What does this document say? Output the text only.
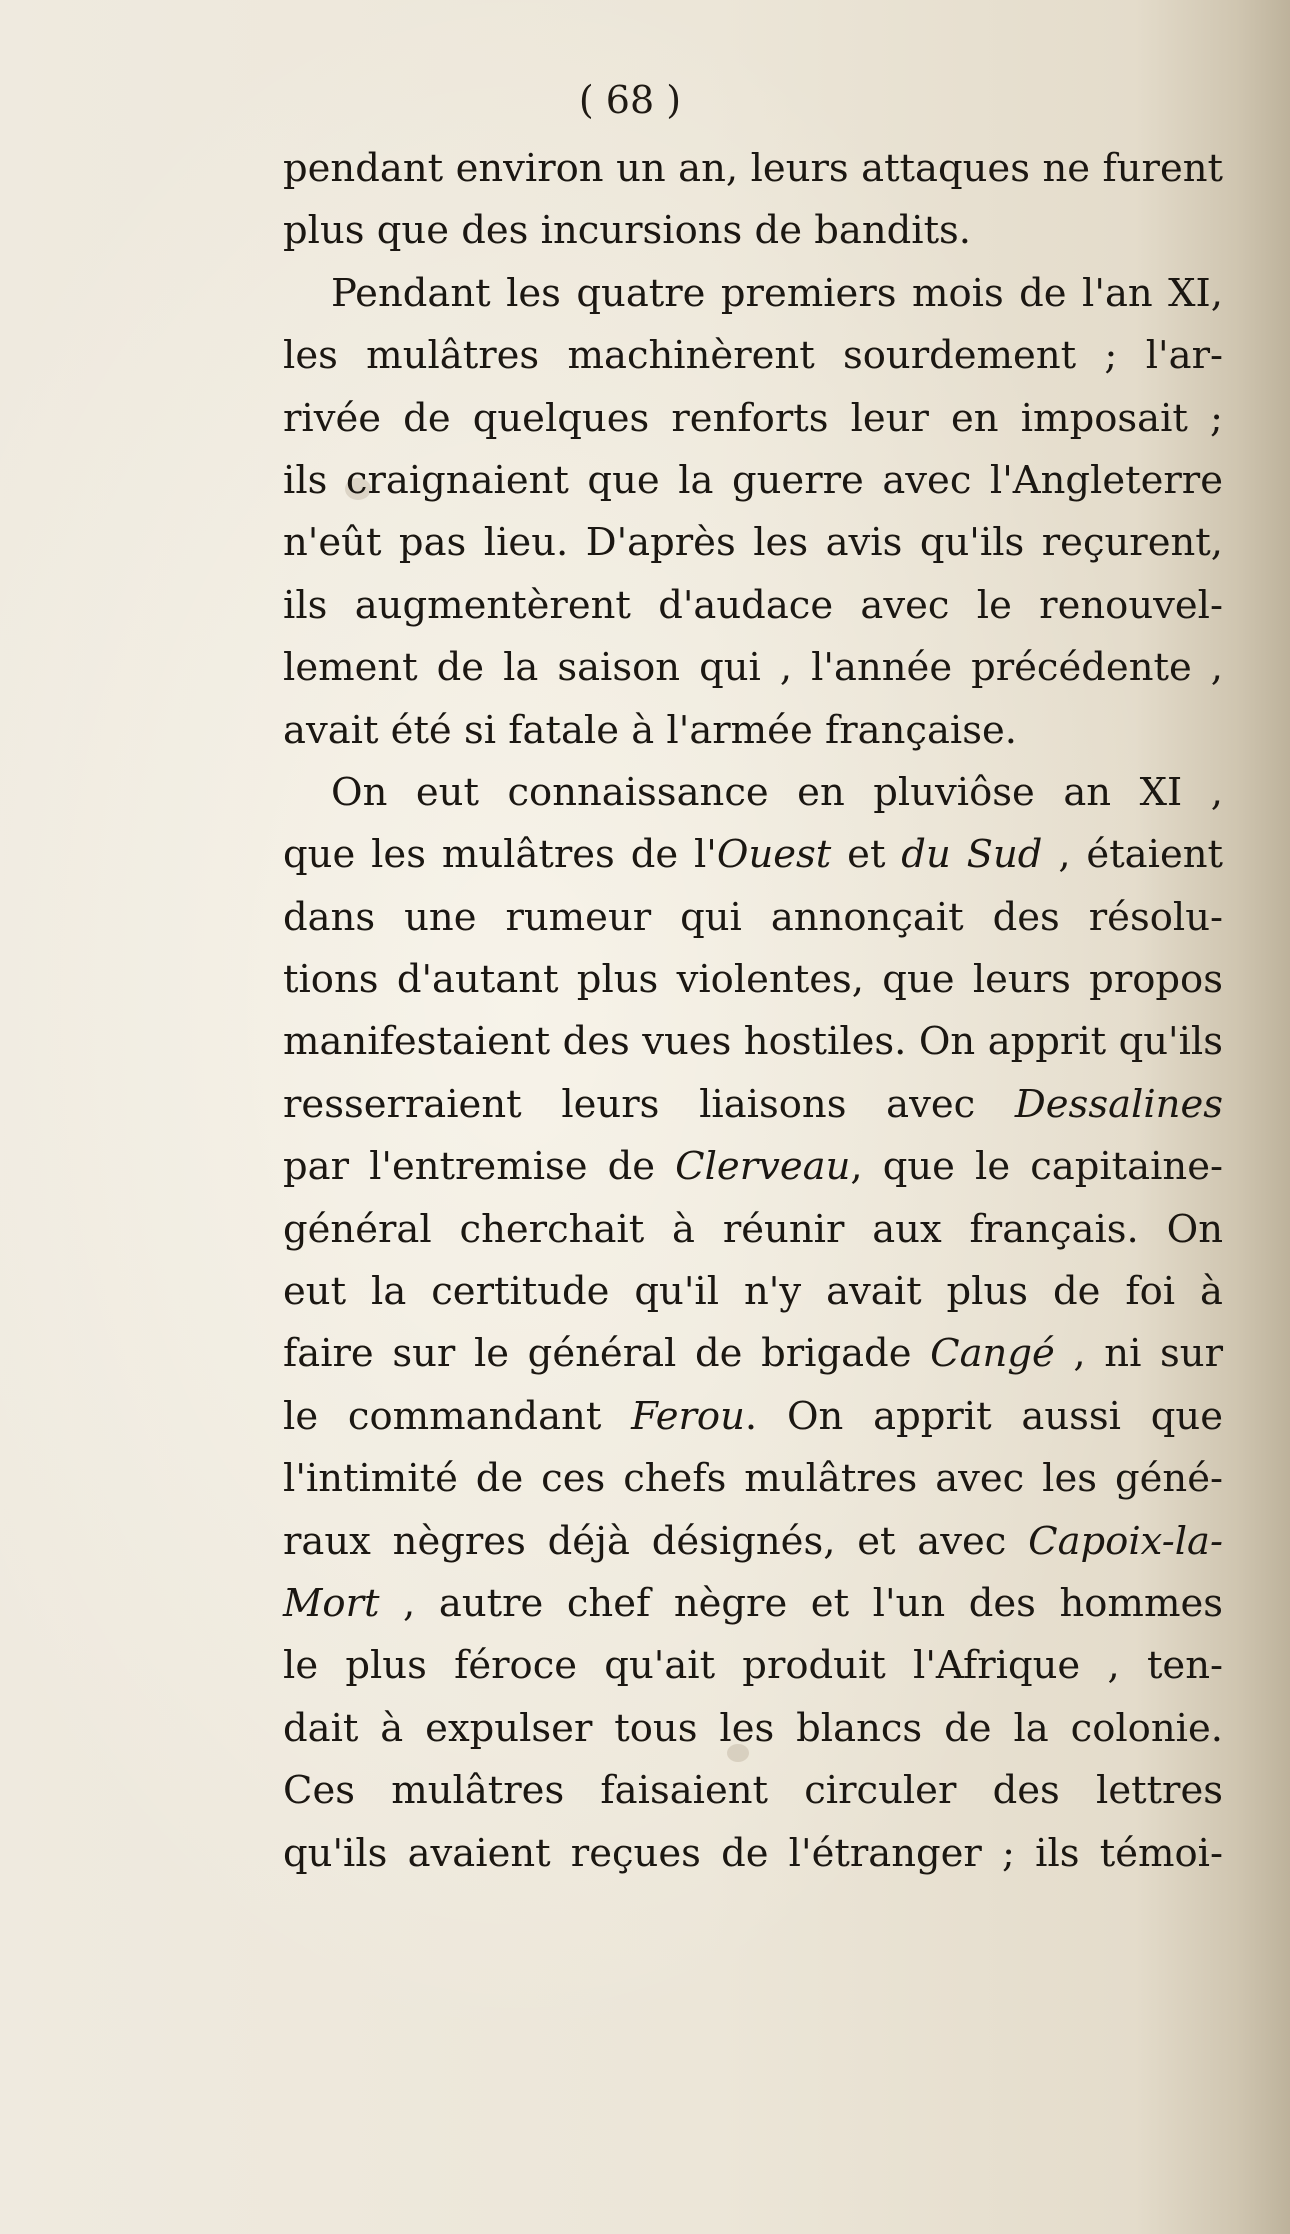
( 68 )
pendant environ un an, leurs attaques ne furent
plus que des incursions de bandits.
Pendant les quatre premiers mois de l'an XI,
les mulâtres machinèrent sourdement ; l'ar-
rivée de quelques renforts leur en imposait ;
ils craignaient que la guerre avec l'Angleterre
n'eût pas lieu. D'après les avis qu'ils reçurent,
ils augmentèrent d'audace avec le renouvel-
lement de la saison qui , l'année précédente ,
avait été si fatale à l'armée française.
On eut connaissance en pluviôse an XI ,
que les mulâtres de l'Ouest et du Sud , étaient
dans une rumeur qui annonçait des résolu-
tions d'autant plus violentes, que leurs propos
manifestaient des vues hostiles. On apprit qu'ils
resserraient leurs liaisons avec Dessalines
par l'entremise de Clerveau, que le capitaine-
général cherchait à réunir aux français. On
eut la certitude qu'il n'y avait plus de foi à
faire sur le général de brigade Cangé , ni sur
le commandant Ferou. On apprit aussi que
l'intimité de ces chefs mulâtres avec les géné-
raux nègres déjà désignés, et avec Capoix-la-
Mort , autre chef nègre et l'un des hommes
le plus féroce qu'ait produit l'Afrique , ten-
dait à expulser tous les blancs de la colonie.
Ces mulâtres faisaient circuler des lettres
qu'ils avaient reçues de l'étranger ; ils témoi-
